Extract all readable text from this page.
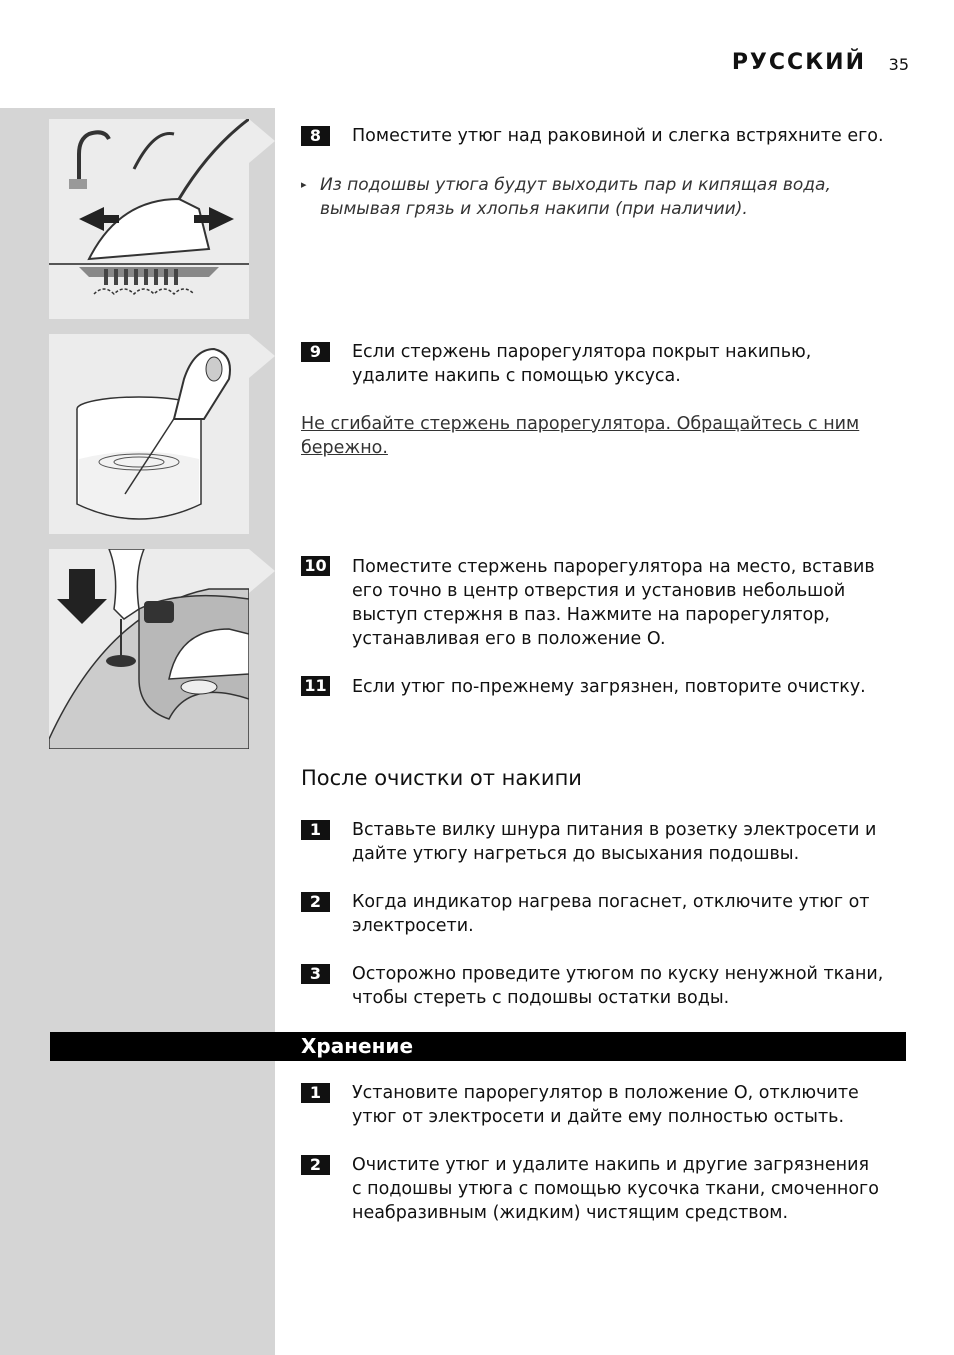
РУССКИЙ 35
8	Поместите утюг над раковиной и слегка встряхните его.
▸ Из подошвы утюга будут выходить пар и кипящая вода, вымывая грязь и хлопья накипи (при наличии).
9	Если стержень парорегулятора покрыт накипью, удалите накипь с помощью уксуса.
Не сгибайте стержень парорегулятора. Обращайтесь с ним бережно.
10 Поместите стержень парорегулятора на место, вставив его точно в центр отверстия и установив небольшой выступ стержня в паз. Нажмите на парорегулятор, устанавливая его в положение O.
11 Если утюг по-прежнему загрязнен, повторите очистку.
После очистки от накипи
1	Вставьте вилку шнура питания в розетку электросети и дайте утюгу нагреться до высыхания подошвы.
2	Когда индикатор нагрева погаснет, отключите утюг от электросети.
3	Осторожно проведите утюгом по куску ненужной ткани, чтобы стереть с подошвы остатки воды.
Хранение
1	Установите парорегулятор в положение O, отключите утюг от электросети и дайте ему полностью остыть.
2	Очистите утюг и удалите накипь и другие загрязнения с подошвы утюга с помощью кусочка ткани, смоченного неабразивным (жидким) чистящим средством.
